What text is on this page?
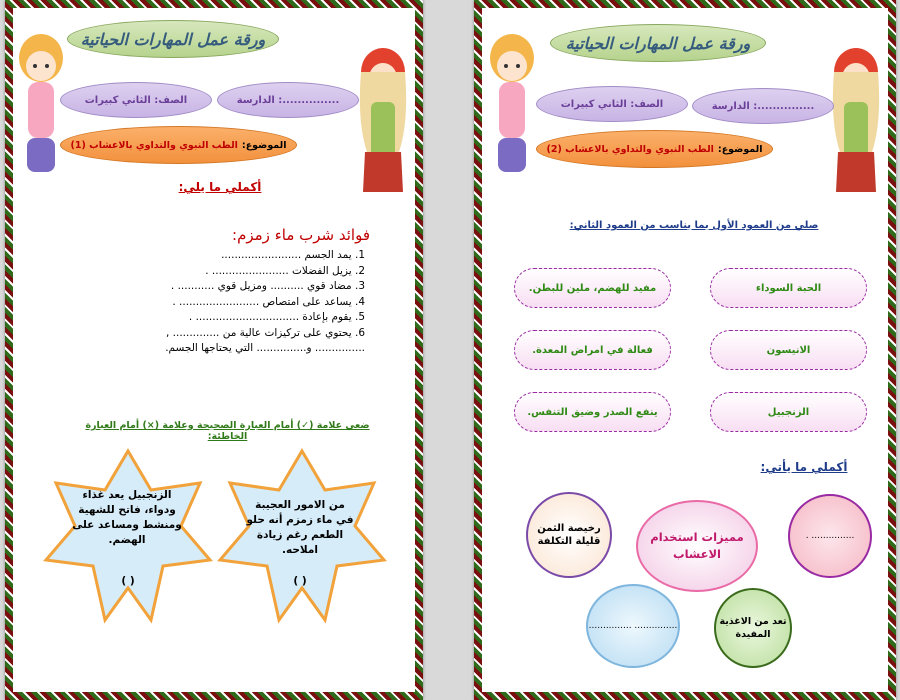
ورقة عمل المهارات الحياتية
الدارسة :...............
الصف: الثاني كبيرات
الموضوع:
الطب النبوي والتداوي بالاعشاب (1)
أكملي ما يلي:
فوائد شرب ماء زمزم:
1. يمد الجسم ........................
2. يزيل الفضلات ....................... .
3. مضاد قوي .......... ومزيل قوي ........... .
4. يساعد على امتصاص ........................ .
5. يقوم بإعادة ............................... .
6. يحتوي على تركيزات عالية من .............. ,
............... و............... التي يحتاجها الجسم.
ضعي علامة (✓) أمام العبارة الصحيحة وعلامة (×) أمام العبارة الخاطئة:
من الامور العجيبة في ماء زمزم أنه حلو الطعم رغم زيادة املاحه.
( )
الزنجبيل يعد غذاء ودواء، فاتح للشهية ومنشط ومساعد على الهضم.
( )
ورقة عمل المهارات الحياتية
الدارسة :...............
الصف: الثاني كبيرات
الموضوع:
الطب النبوي والتداوي بالاعشاب (2)
صلي من العمود الأول بما يناسب من العمود الثاني:
الحبة السوداء
الانيسون
الزنجبيل
مفيد للهضم، ملين للبطن.
فعالة في امراض المعدة.
ينفع الصدر وضيق التنفس.
أكملي ما يأتي:
مميزات استخدام الاعشاب
رخيصة الثمن قليلة التكلفة	............... .
............... ...............	تعد من الاغذية المفيدة
